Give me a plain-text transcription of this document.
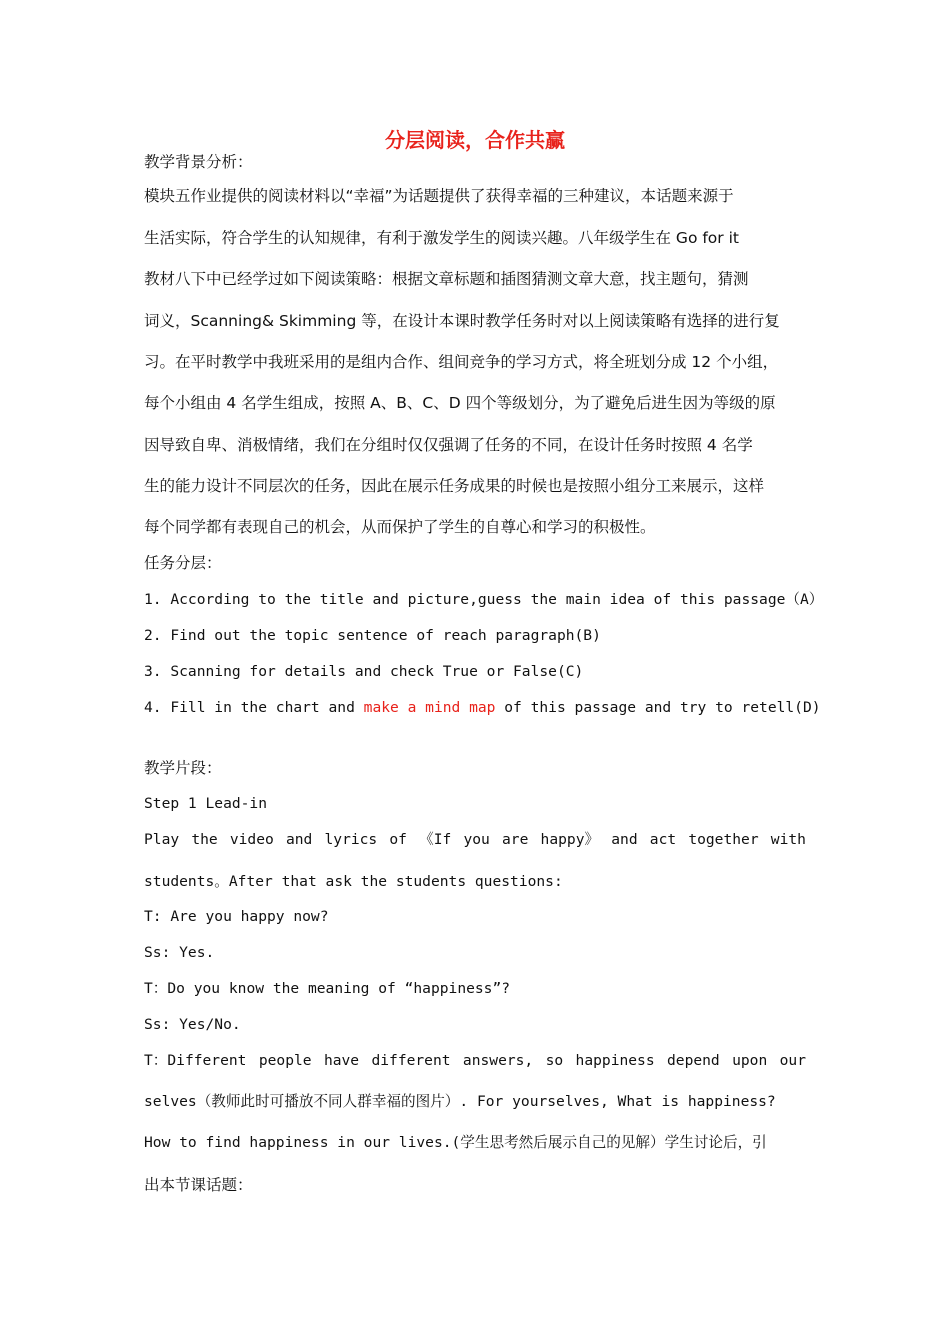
分层阅读，合作共赢
教学背景分析：
模块五作业提供的阅读材料以“幸福”为话题提供了获得幸福的三种建议，本话题来源于
生活实际，符合学生的认知规律，有利于激发学生的阅读兴趣。八年级学生在 Go for it
教材八下中已经学过如下阅读策略：根据文章标题和插图猜测文章大意，找主题句，猜测
词义，Scanning& Skimming 等，在设计本课时教学任务时对以上阅读策略有选择的进行复
习。在平时教学中我班采用的是组内合作、组间竞争的学习方式，将全班划分成 12 个小组，
每个小组由 4 名学生组成，按照 A、B、C、D 四个等级划分，为了避免后进生因为等级的原
因导致自卑、消极情绪，我们在分组时仅仅强调了任务的不同，在设计任务时按照 4 名学
生的能力设计不同层次的任务，因此在展示任务成果的时候也是按照小组分工来展示，这样
每个同学都有表现自己的机会，从而保护了学生的自尊心和学习的积极性。
任务分层：
1. According to the title and picture,guess the main idea of this passage（A）
2. Find out the topic sentence of reach paragraph(B)
3. Scanning for details and check True or False(C)
4. Fill in the chart and make a mind map of this passage and try to retell(D)
教学片段：
Step 1 Lead-in
Play the video and lyrics of 《If you are happy》 and act together with
students。After that ask the students questions:
T: Are you happy now?
Ss: Yes.
T：Do you know the meaning of “happiness”?
Ss: Yes/No.
T：Different people have different answers, so happiness depend upon our
selves（教师此时可播放不同人群幸福的图片）. For yourselves, What is happiness?
How to find happiness in our lives.(学生思考然后展示自己的见解）学生讨论后，引
出本节课话题：
